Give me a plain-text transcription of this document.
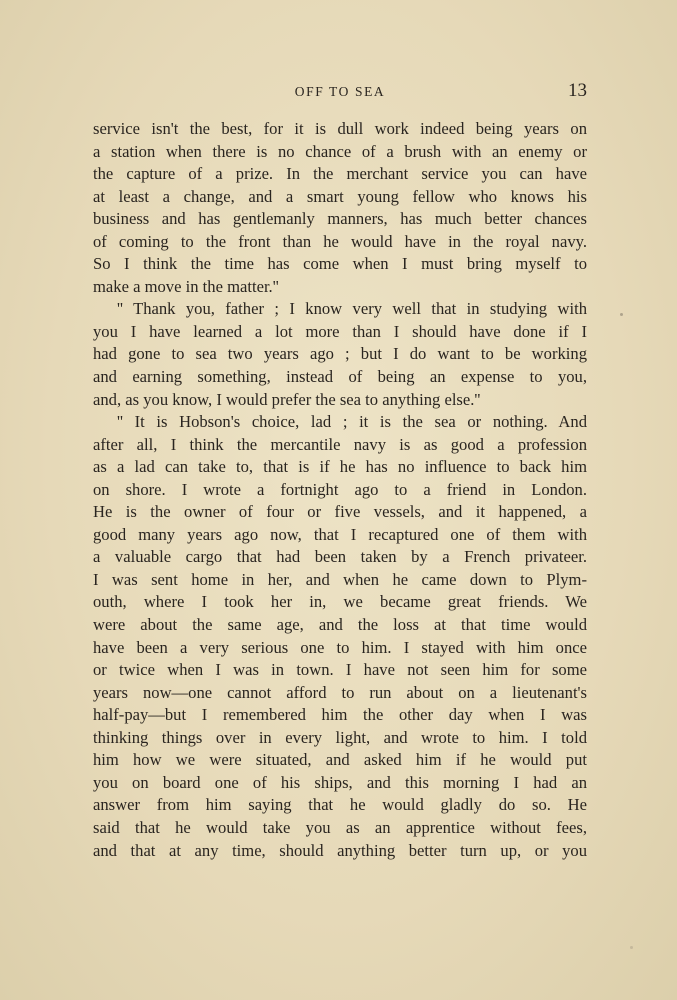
OFF TO SEA	13
service isn't the best, for it is dull work indeed being years on
a station when there is no chance of a brush with an enemy or
the capture of a prize. In the merchant service you can have
at least a change, and a smart young fellow who knows his
business and has gentlemanly manners, has much better chances
of coming to the front than he would have in the royal navy.
So I think the time has come when I must bring myself to
make a move in the matter.''
'' Thank you, father ; I know very well that in studying with
you I have learned a lot more than I should have done if I
had gone to sea two years ago ; but I do want to be working
and earning something, instead of being an expense to you,
and, as you know, I would prefer the sea to anything else.''
'' It is Hobson's choice, lad ; it is the sea or nothing. And
after all, I think the mercantile navy is as good a profession
as a lad can take to, that is if he has no influence to back him
on shore. I wrote a fortnight ago to a friend in London.
He is the owner of four or five vessels, and it happened, a
good many years ago now, that I recaptured one of them with
a valuable cargo that had been taken by a French privateer.
I was sent home in her, and when he came down to Plym-
outh, where I took her in, we became great friends. We
were about the same age, and the loss at that time would
have been a very serious one to him. I stayed with him once
or twice when I was in town. I have not seen him for some
years now—one cannot afford to run about on a lieutenant's
half-pay—but I remembered him the other day when I was
thinking things over in every light, and wrote to him. I told
him how we were situated, and asked him if he would put
you on board one of his ships, and this morning I had an
answer from him saying that he would gladly do so. He
said that he would take you as an apprentice without fees,
and that at any time, should anything better turn up, or you
